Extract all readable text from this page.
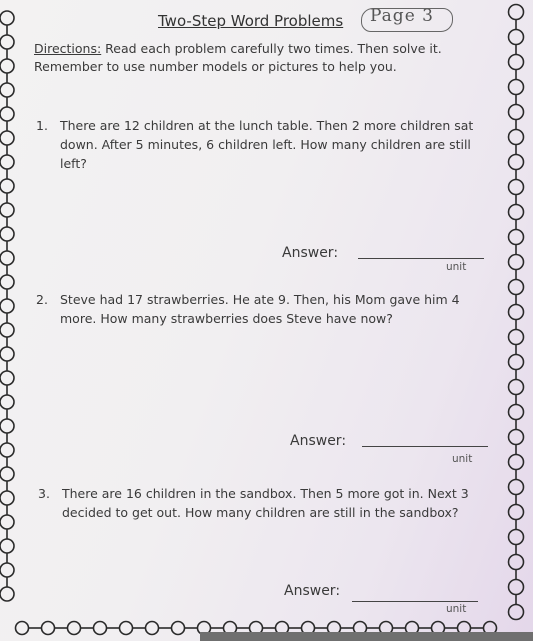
Two-Step Word Problems Page 3
Directions: Read each problem carefully two times. Then solve it. Remember to use number models or pictures to help you.
1. There are 12 children at the lunch table. Then 2 more children sat down. After 5 minutes, 6 children left. How many children are still left?
Answer:
unit
2. Steve had 17 strawberries. He ate 9. Then, his Mom gave him 4 more. How many strawberries does Steve have now?
Answer:
unit
3. There are 16 children in the sandbox. Then 5 more got in. Next 3 decided to get out. How many children are still in the sandbox?
Answer:
unit
